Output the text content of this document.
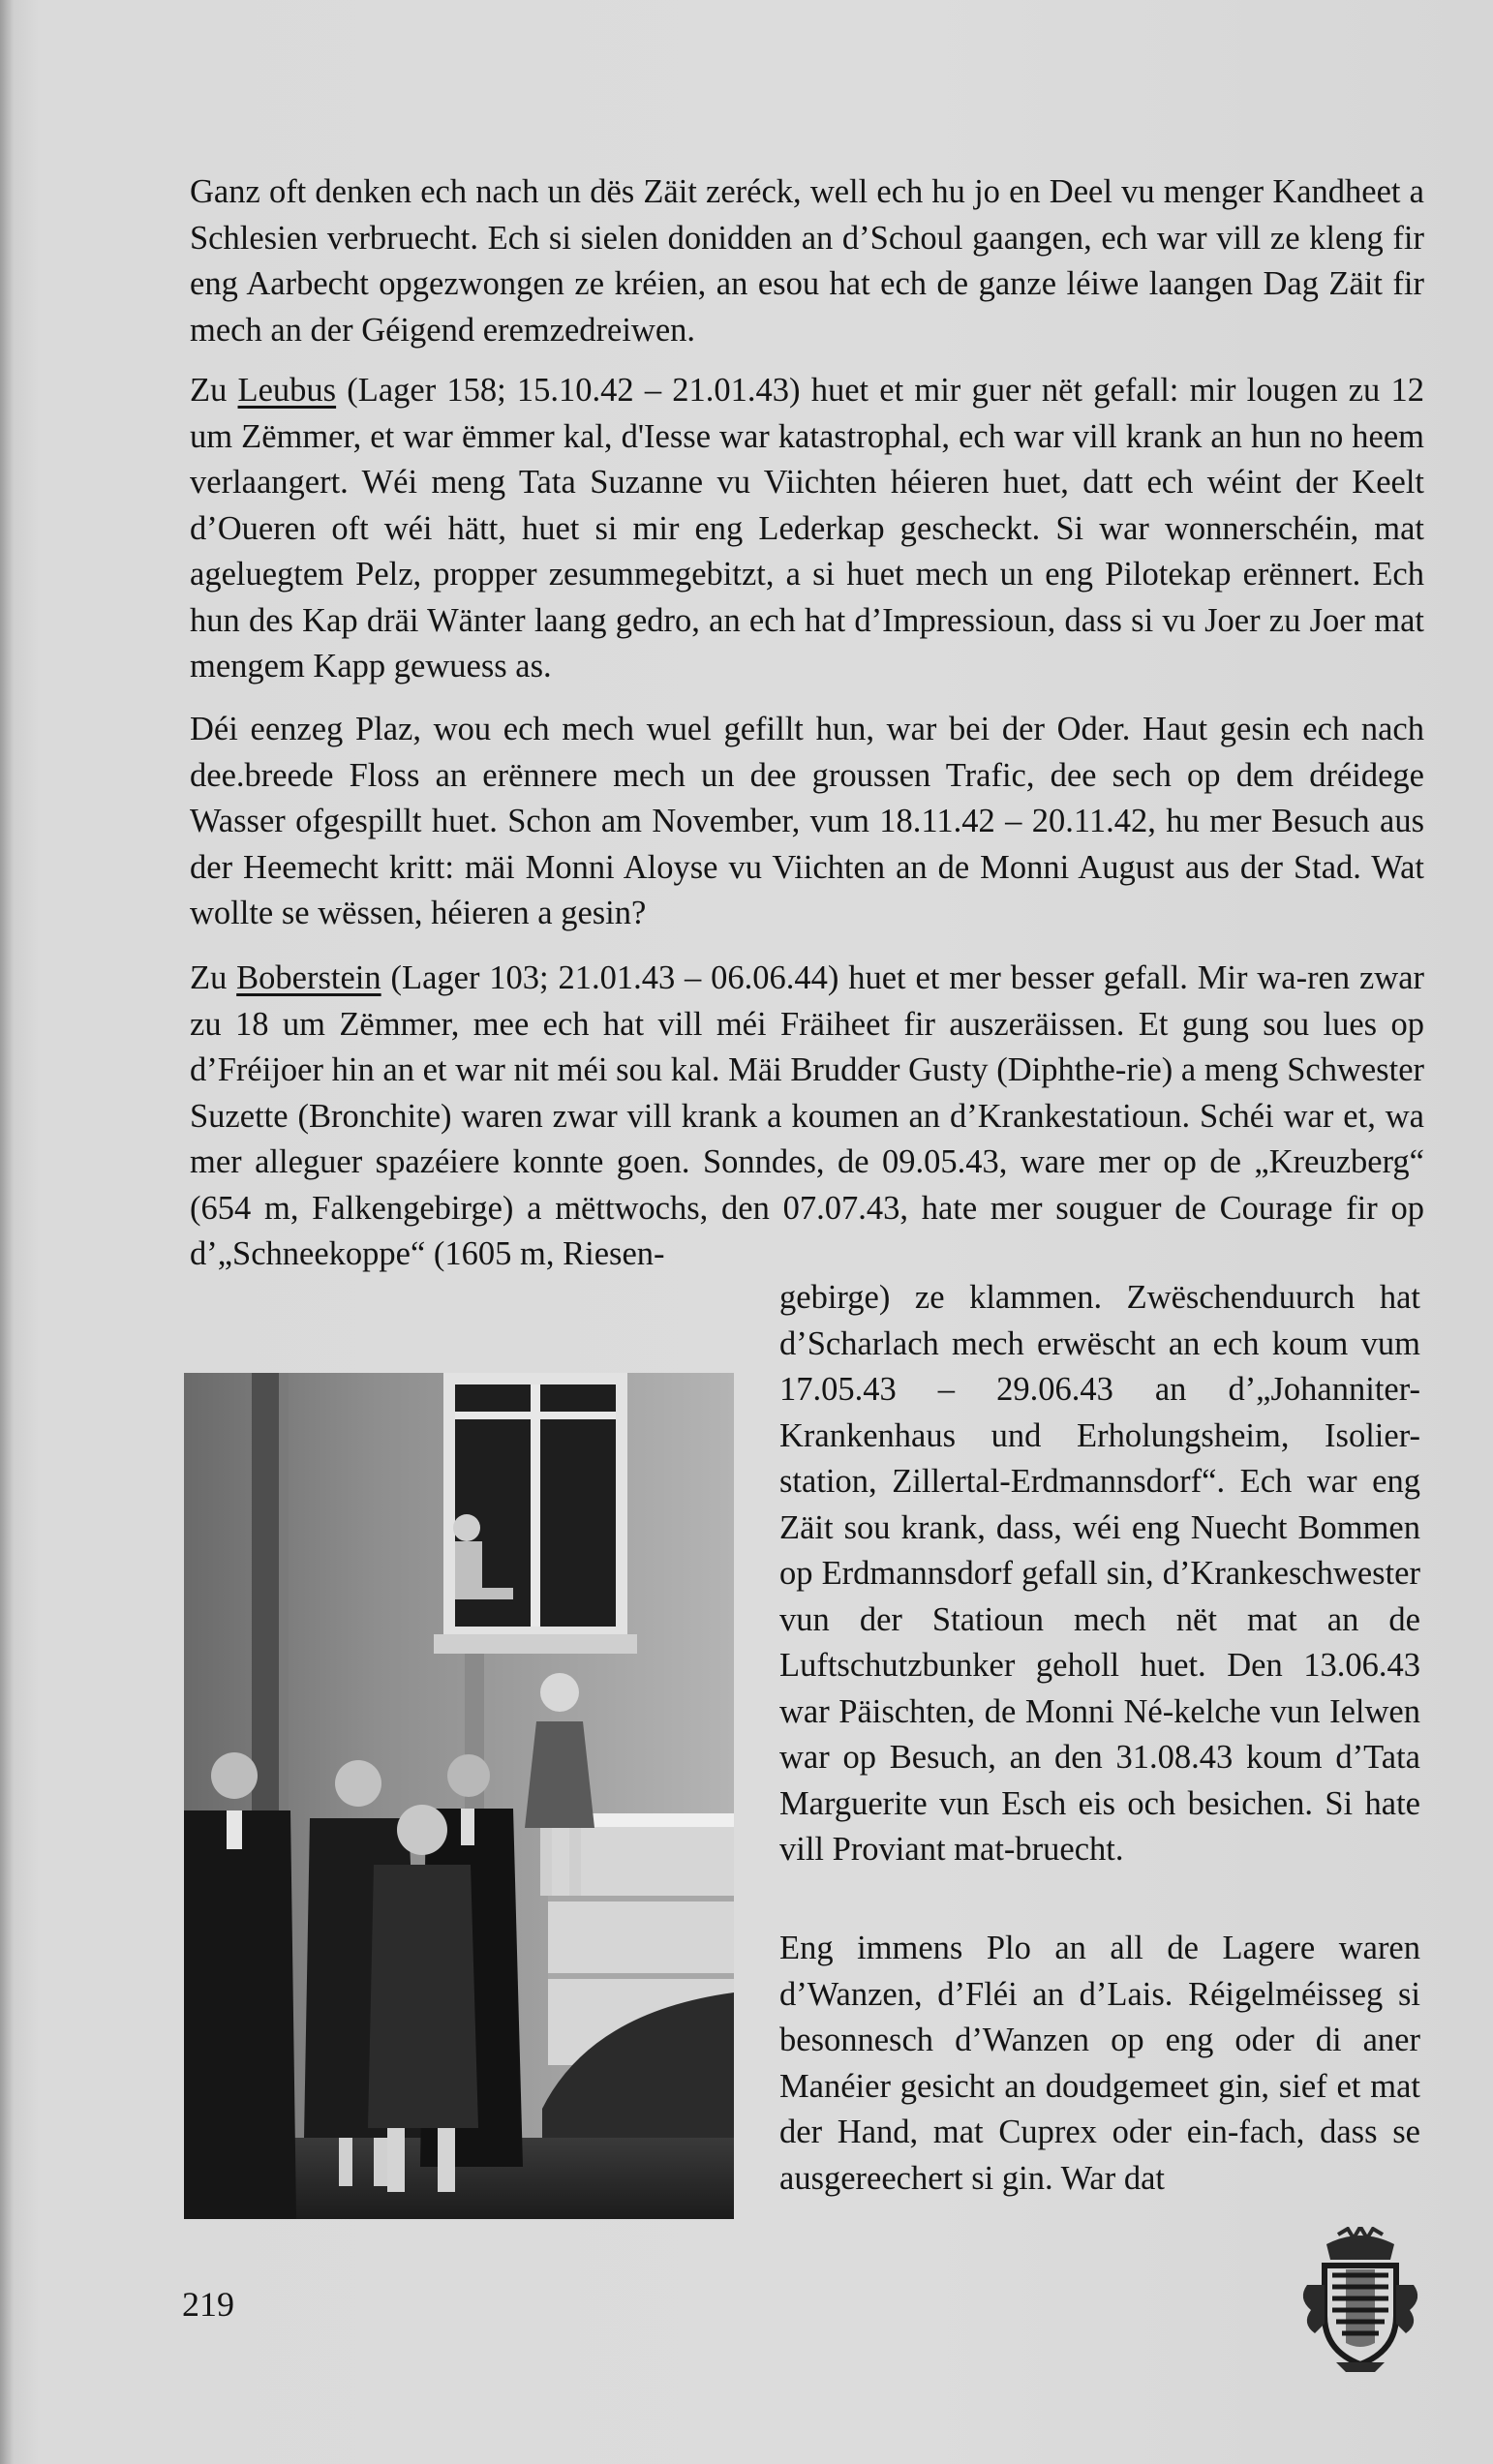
Ganz oft denken ech nach un dës Zäit zeréck, well ech hu jo en Deel vu menger Kandheet a Schlesien verbruecht. Ech si sielen donidden an d’Schoul gaangen, ech war vill ze kleng fir eng Aarbecht opgezwongen ze kréien, an esou hat ech de ganze léiwe laangen Dag Zäit fir mech an der Géigend eremzedreiwen.

Zu Leubus (Lager 158; 15.10.42 – 21.01.43) huet et mir guer nët gefall: mir lougen zu 12 um Zëmmer, et war ëmmer kal, d'Iesse war katastrophal, ech war vill krank an hun no heem verlaangert. Wéi meng Tata Suzanne vu Viichten héieren huet, datt ech wéint der Keelt d’Oueren oft wéi hätt, huet si mir eng Lederkap gescheckt. Si war wonnerschéin, mat ageluegtem Pelz, propper zesummegebitzt, a si huet mech un eng Pilotekap erënnert. Ech hun des Kap dräi Wänter laang gedro, an ech hat d’Impressioun, dass si vu Joer zu Joer mat mengem Kapp gewuess as.

Déi eenzeg Plaz, wou ech mech wuel gefillt hun, war bei der Oder. Haut gesin ech nach dee.breede Floss an erënnere mech un dee groussen Trafic, dee sech op dem dréidege Wasser ofgespillt huet. Schon am November, vum 18.11.42 – 20.11.42, hu mer Besuch aus der Heemecht kritt: mäi Monni Aloyse vu Viichten an de Monni August aus der Stad. Wat wollte se wëssen, héieren a gesin?

Zu Boberstein (Lager 103; 21.01.43 – 06.06.44) huet et mer besser gefall. Mir wa-ren zwar zu 18 um Zëmmer, mee ech hat vill méi Fräiheet fir auszeräissen. Et gung sou lues op d’Fréijoer hin an et war nit méi sou kal. Mäi Brudder Gusty (Diphthe-rie) a meng Schwester Suzette (Bronchite) waren zwar vill krank a koumen an d’Krankestatioun. Schéi war et, wa mer alleguer spazéiere konnte goen. Sonndes, de 09.05.43, ware mer op de „Kreuzberg“ (654 m, Falkengebirge) a mëttwochs, den 07.07.43, hate mer souguer de Courage fir op d’„Schneekoppe“ (1605 m, Riesen-

gebirge) ze klammen. Zwëschenduurch hat d’Scharlach mech erwëscht an ech koum vum 17.05.43 – 29.06.43 an d’„Johanniter-Krankenhaus und Erholungsheim, Isolier-station, Zillertal-Erdmannsdorf“. Ech war eng Zäit sou krank, dass, wéi eng Nuecht Bommen op Erdmannsdorf gefall sin, d’Krankeschwester vun der Statioun mech nët mat an de Luftschutzbunker geholl huet. Den 13.06.43 war Päischten, de Monni Né-kelche vun Ielwen war op Besuch, an den 31.08.43 koum d’Tata Marguerite vun Esch eis och besichen. Si hate vill Proviant mat-bruecht.

Eng immens Plo an all de Lagere waren d’Wanzen, d’Fléi an d’Lais. Réigelméisseg si besonnesch d’Wanzen op eng oder di aner Manéier gesicht an doudgemeet gin, sief et mat der Hand, mat Cuprex oder ein-fach, dass se ausgereechert si gin. War dat

219
